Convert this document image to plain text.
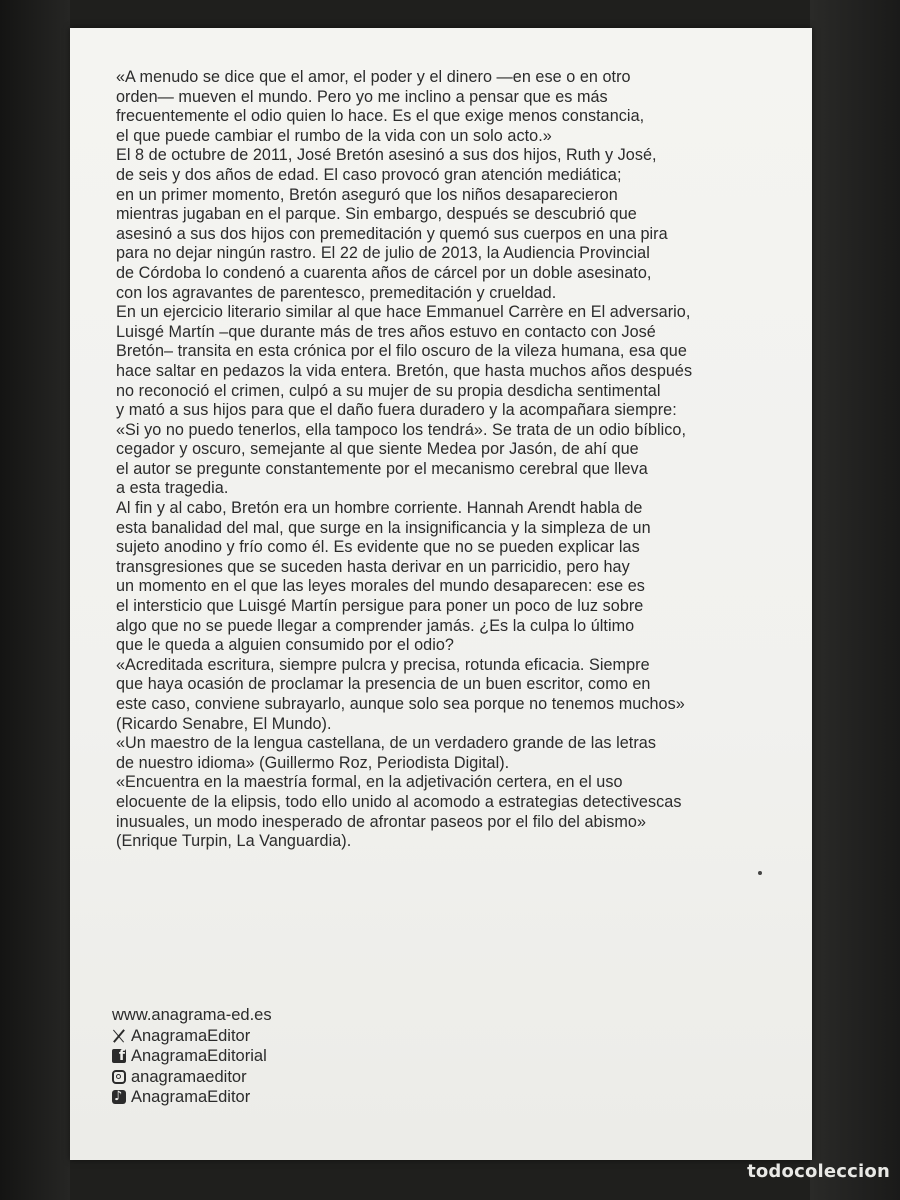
«A menudo se dice que el amor, el poder y el dinero —en ese o en otro
orden— mueven el mundo. Pero yo me inclino a pensar que es más
frecuentemente el odio quien lo hace. Es el que exige menos constancia,
el que puede cambiar el rumbo de la vida con un solo acto.»

El 8 de octubre de 2011, José Bretón asesinó a sus dos hijos, Ruth y José,
de seis y dos años de edad. El caso provocó gran atención mediática;
en un primer momento, Bretón aseguró que los niños desaparecieron
mientras jugaban en el parque. Sin embargo, después se descubrió que
asesinó a sus dos hijos con premeditación y quemó sus cuerpos en una pira
para no dejar ningún rastro. El 22 de julio de 2013, la Audiencia Provincial
de Córdoba lo condenó a cuarenta años de cárcel por un doble asesinato,
con los agravantes de parentesco, premeditación y crueldad.

En un ejercicio literario similar al que hace Emmanuel Carrère en El adversario,
Luisgé Martín –que durante más de tres años estuvo en contacto con José
Bretón– transita en esta crónica por el filo oscuro de la vileza humana, esa que
hace saltar en pedazos la vida entera. Bretón, que hasta muchos años después
no reconoció el crimen, culpó a su mujer de su propia desdicha sentimental
y mató a sus hijos para que el daño fuera duradero y la acompañara siempre:
«Si yo no puedo tenerlos, ella tampoco los tendrá». Se trata de un odio bíblico,
cegador y oscuro, semejante al que siente Medea por Jasón, de ahí que
el autor se pregunte constantemente por el mecanismo cerebral que lleva
a esta tragedia.

Al fin y al cabo, Bretón era un hombre corriente. Hannah Arendt habla de
esta banalidad del mal, que surge en la insignificancia y la simpleza de un
sujeto anodino y frío como él. Es evidente que no se pueden explicar las
transgresiones que se suceden hasta derivar en un parricidio, pero hay
un momento en el que las leyes morales del mundo desaparecen: ese es
el intersticio que Luisgé Martín persigue para poner un poco de luz sobre
algo que no se puede llegar a comprender jamás. ¿Es la culpa lo último
que le queda a alguien consumido por el odio?

«Acreditada escritura, siempre pulcra y precisa, rotunda eficacia. Siempre
que haya ocasión de proclamar la presencia de un buen escritor, como en
este caso, conviene subrayarlo, aunque solo sea porque no tenemos muchos»
(Ricardo Senabre, El Mundo).

«Un maestro de la lengua castellana, de un verdadero grande de las letras
de nuestro idioma» (Guillermo Roz, Periodista Digital).

«Encuentra en la maestría formal, en la adjetivación certera, en el uso
elocuente de la elipsis, todo ello unido al acomodo a estrategias detectivescas
inusuales, un modo inesperado de afrontar paseos por el filo del abismo»
(Enrique Turpin, La Vanguardia).

www.anagrama-ed.es
AnagramaEditor
f
AnagramaEditorial
anagramaeditor
♪
AnagramaEditor
todocoleccion
